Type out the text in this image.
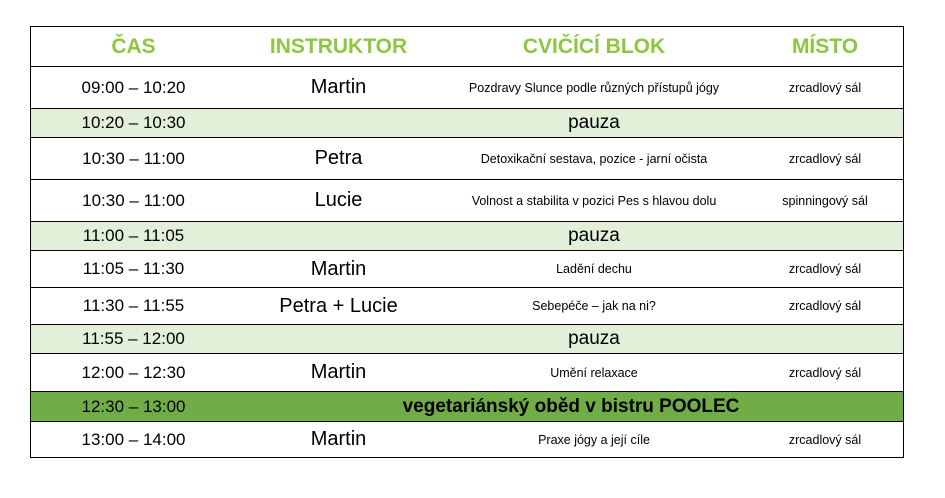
ČAS	INSTRUKTOR	CVIČÍCÍ BLOK	MÍSTO
09:00 – 10:20	Martin	Pozdravy Slunce podle různých přístupů jógy	zrcadlový sál
10:20 – 10:30	pauza
10:30 – 11:00	Petra	Detoxikační sestava, pozice - jarní očista	zrcadlový sál
10:30 – 11:00	Lucie	Volnost a stabilita v pozici Pes s hlavou dolu	spinningový sál
11:00 – 11:05	pauza
11:05 – 11:30	Martin	Ladění dechu	zrcadlový sál
11:30 – 11:55	Petra + Lucie	Sebepéče – jak na ni?	zrcadlový sál
11:55 – 12:00	pauza
12:00 – 12:30	Martin	Umění relaxace	zrcadlový sál
12:30 – 13:00	vegetariánský oběd v bistru POOLEC
13:00 – 14:00	Martin	Praxe jógy a její cíle	zrcadlový sál
